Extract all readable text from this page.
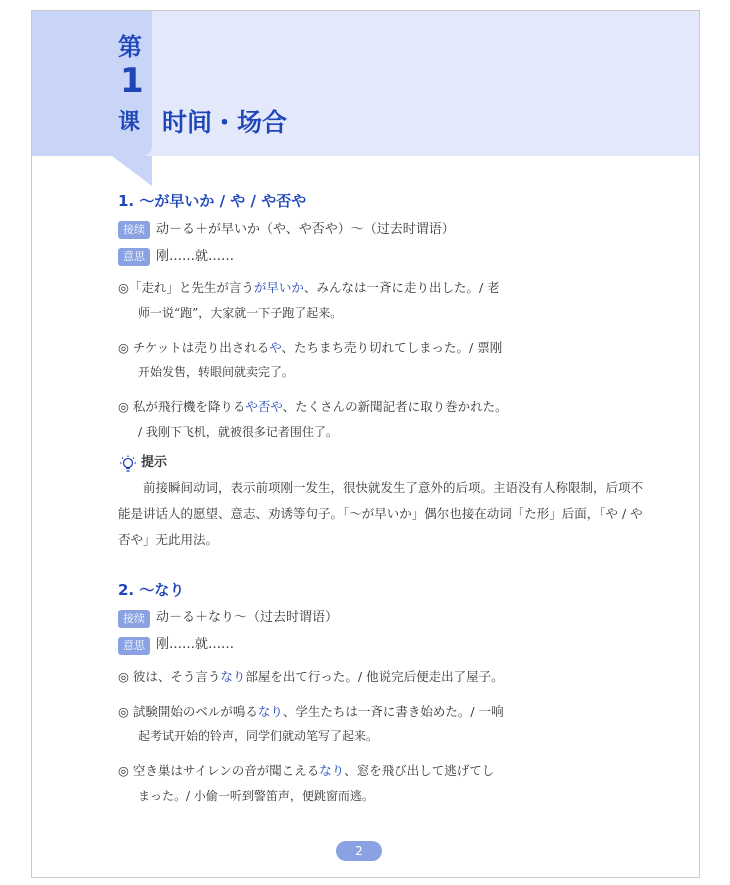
第
1
课 时间・场合
1. ～が早いか / や / や否や
接续 动－る＋が早いか（や、や否や）～（过去时谓语）
意思 刚……就……
◎「走れ」と先生が言うが早いか、みんなは一斉に走り出した。/ 老
师一说“跑”，大家就一下子跑了起来。
◎ チケットは売り出されるや、たちまち売り切れてしまった。/ 票刚
开始发售，转眼间就卖完了。
◎ 私が飛行機を降りるや否や、たくさんの新聞記者に取り巻かれた。
/ 我刚下飞机，就被很多记者围住了。
提示
前接瞬间动词，表示前项刚一发生，很快就发生了意外的后项。主语没有人称限制，后项不能是讲话人的愿望、意志、劝诱等句子。「～が早いか」偶尔也接在动词「た形」后面，「や / や否や」无此用法。
2. ～なり
接续 动－る＋なり～（过去时谓语）
意思 刚……就……
◎ 彼は、そう言うなり部屋を出て行った。/ 他说完后便走出了屋子。
◎ 試験開始のベルが鳴るなり、学生たちは一斉に書き始めた。/ 一响
起考试开始的铃声，同学们就动笔写了起来。
◎ 空き巣はサイレンの音が聞こえるなり、窓を飛び出して逃げてし
まった。/ 小偷一听到警笛声，便跳窗而逃。
2
